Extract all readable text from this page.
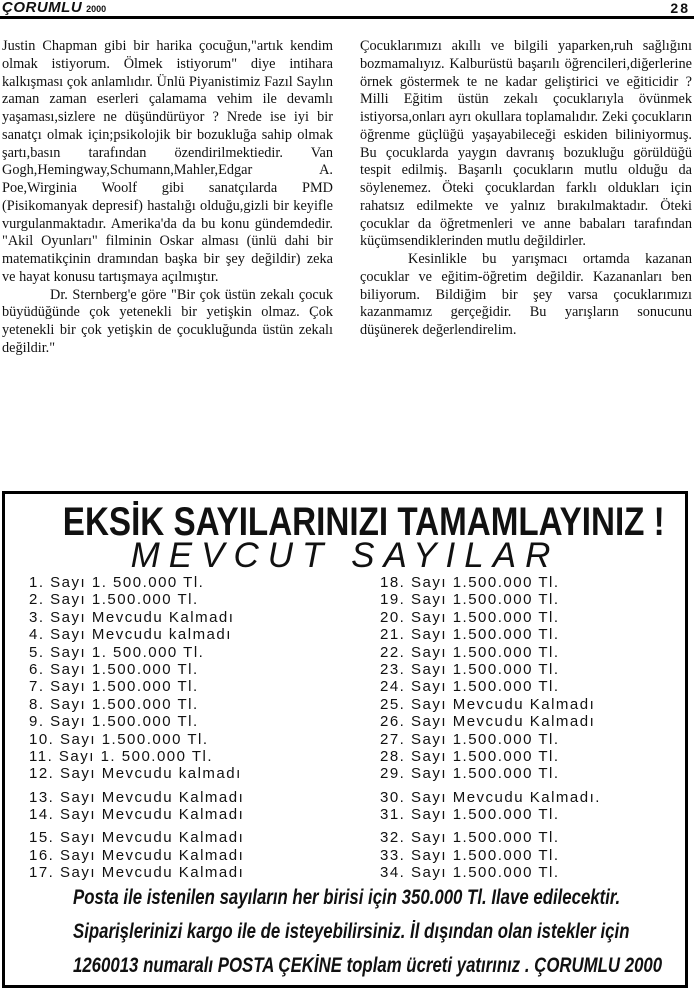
ÇORUMLU 2000	28

Justin Chapman gibi bir harika çocuğun,"artık kendim olmak istiyorum. Ölmek istiyorum" diye intihara kalkışması çok anlamlıdır. Ünlü Piyanistimiz Fazıl Saylın zaman zaman eserleri çalamama vehim ile devamlı yaşaması,sizlere ne düşündürüyor ? Nrede ise iyi bir sanatçı olmak için;psikolojik bir bozukluğa sahip olmak şartı,basın tarafından özendirilmektiedir. Van Gogh,Hemingway,Schumann,Mahler,Edgar A. Poe,Wirginia Woolf gibi sanatçılarda PMD (Pisikomanyak depresif) hastalığı olduğu,gizli bir keyifle vurgulanmaktadır. Amerika'da da bu konu gündemdedir. "Akil Oyunları" filminin Oskar alması (ünlü dahi bir matematikçinin dramından başka bir şey değildir) zeka ve hayat konusu tartışmaya açılmıştır.

Dr. Sternberg'e göre "Bir çok üstün zekalı çocuk büyüdüğünde çok yetenekli bir yetişkin olmaz. Çok yetenekli bir çok yetişkin de çocukluğunda üstün zekalı değildir."

Çocuklarımızı akıllı ve bilgili yaparken,ruh sağlığını bozmamalıyız. Kalburüstü başarılı öğrencileri,diğerlerine örnek göstermek te ne kadar geliştirici ve eğiticidir ? Milli Eğitim üstün zekalı çocuklarıyla övünmek istiyorsa,onları ayrı okullara toplamalıdır. Zeki çocukların öğrenme güçlüğü yaşayabileceği eskiden biliniyormuş. Bu çocuklarda yaygın davranış bozukluğu görüldüğü tespit edilmiş. Başarılı çocukların mutlu olduğu da söylenemez. Öteki çocuklardan farklı oldukları için rahatsız edilmekte ve yalnız bırakılmaktadır. Öteki çocuklar da öğretmenleri ve anne babaları tarafından küçümsendiklerinden mutlu değildirler.

Kesinlikle bu yarışmacı ortamda kazanan çocuklar ve eğitim-öğretim değildir. Kazananları ben biliyorum. Bildiğim bir şey varsa çocuklarımızı kazanmamız gerçeğidir. Bu yarışların sonucunu düşünerek değerlendirelim.

EKSİK SAYILARINIZI TAMAMLAYINIZ !
MEVCUT SAYILAR
1. Sayı 1. 500.000 Tl.
2. Sayı 1.500.000 Tl.
3. Sayı Mevcudu Kalmadı
4. Sayı Mevcudu kalmadı
5. Sayı 1. 500.000 Tl.
6. Sayı 1.500.000 Tl.
7. Sayı 1.500.000 Tl.
8. Sayı 1.500.000 Tl.
9. Sayı 1.500.000 Tl.
10. Sayı 1.500.000 Tl.
11. Sayı 1. 500.000 Tl.
12. Sayı Mevcudu kalmadı
13. Sayı Mevcudu Kalmadı
14. Sayı Mevcudu Kalmadı
15. Sayı Mevcudu Kalmadı
16. Sayı Mevcudu Kalmadı
17. Sayı Mevcudu Kalmadı
18. Sayı 1.500.000 Tl.
19. Sayı 1.500.000 Tl.
20. Sayı 1.500.000 Tl.
21. Sayı 1.500.000 Tl.
22. Sayı 1.500.000 Tl.
23. Sayı 1.500.000 Tl.
24. Sayı 1.500.000 Tl.
25. Sayı Mevcudu Kalmadı
26. Sayı Mevcudu Kalmadı
27. Sayı 1.500.000 Tl.
28. Sayı 1.500.000 Tl.
29. Sayı 1.500.000 Tl.
30. Sayı Mevcudu Kalmadı.
31. Sayı 1.500.000 Tl.
32. Sayı 1.500.000 Tl.
33. Sayı 1.500.000 Tl.
34. Sayı 1.500.000 Tl.
Posta ile istenilen sayıların her birisi için 350.000 Tl. Ilave edilecektir.
Siparişlerinizi kargo ile de isteyebilirsiniz. İl dışından olan istekler için
1260013 numaralı POSTA ÇEKİNE toplam ücreti yatırınız . ÇORUMLU 2000
